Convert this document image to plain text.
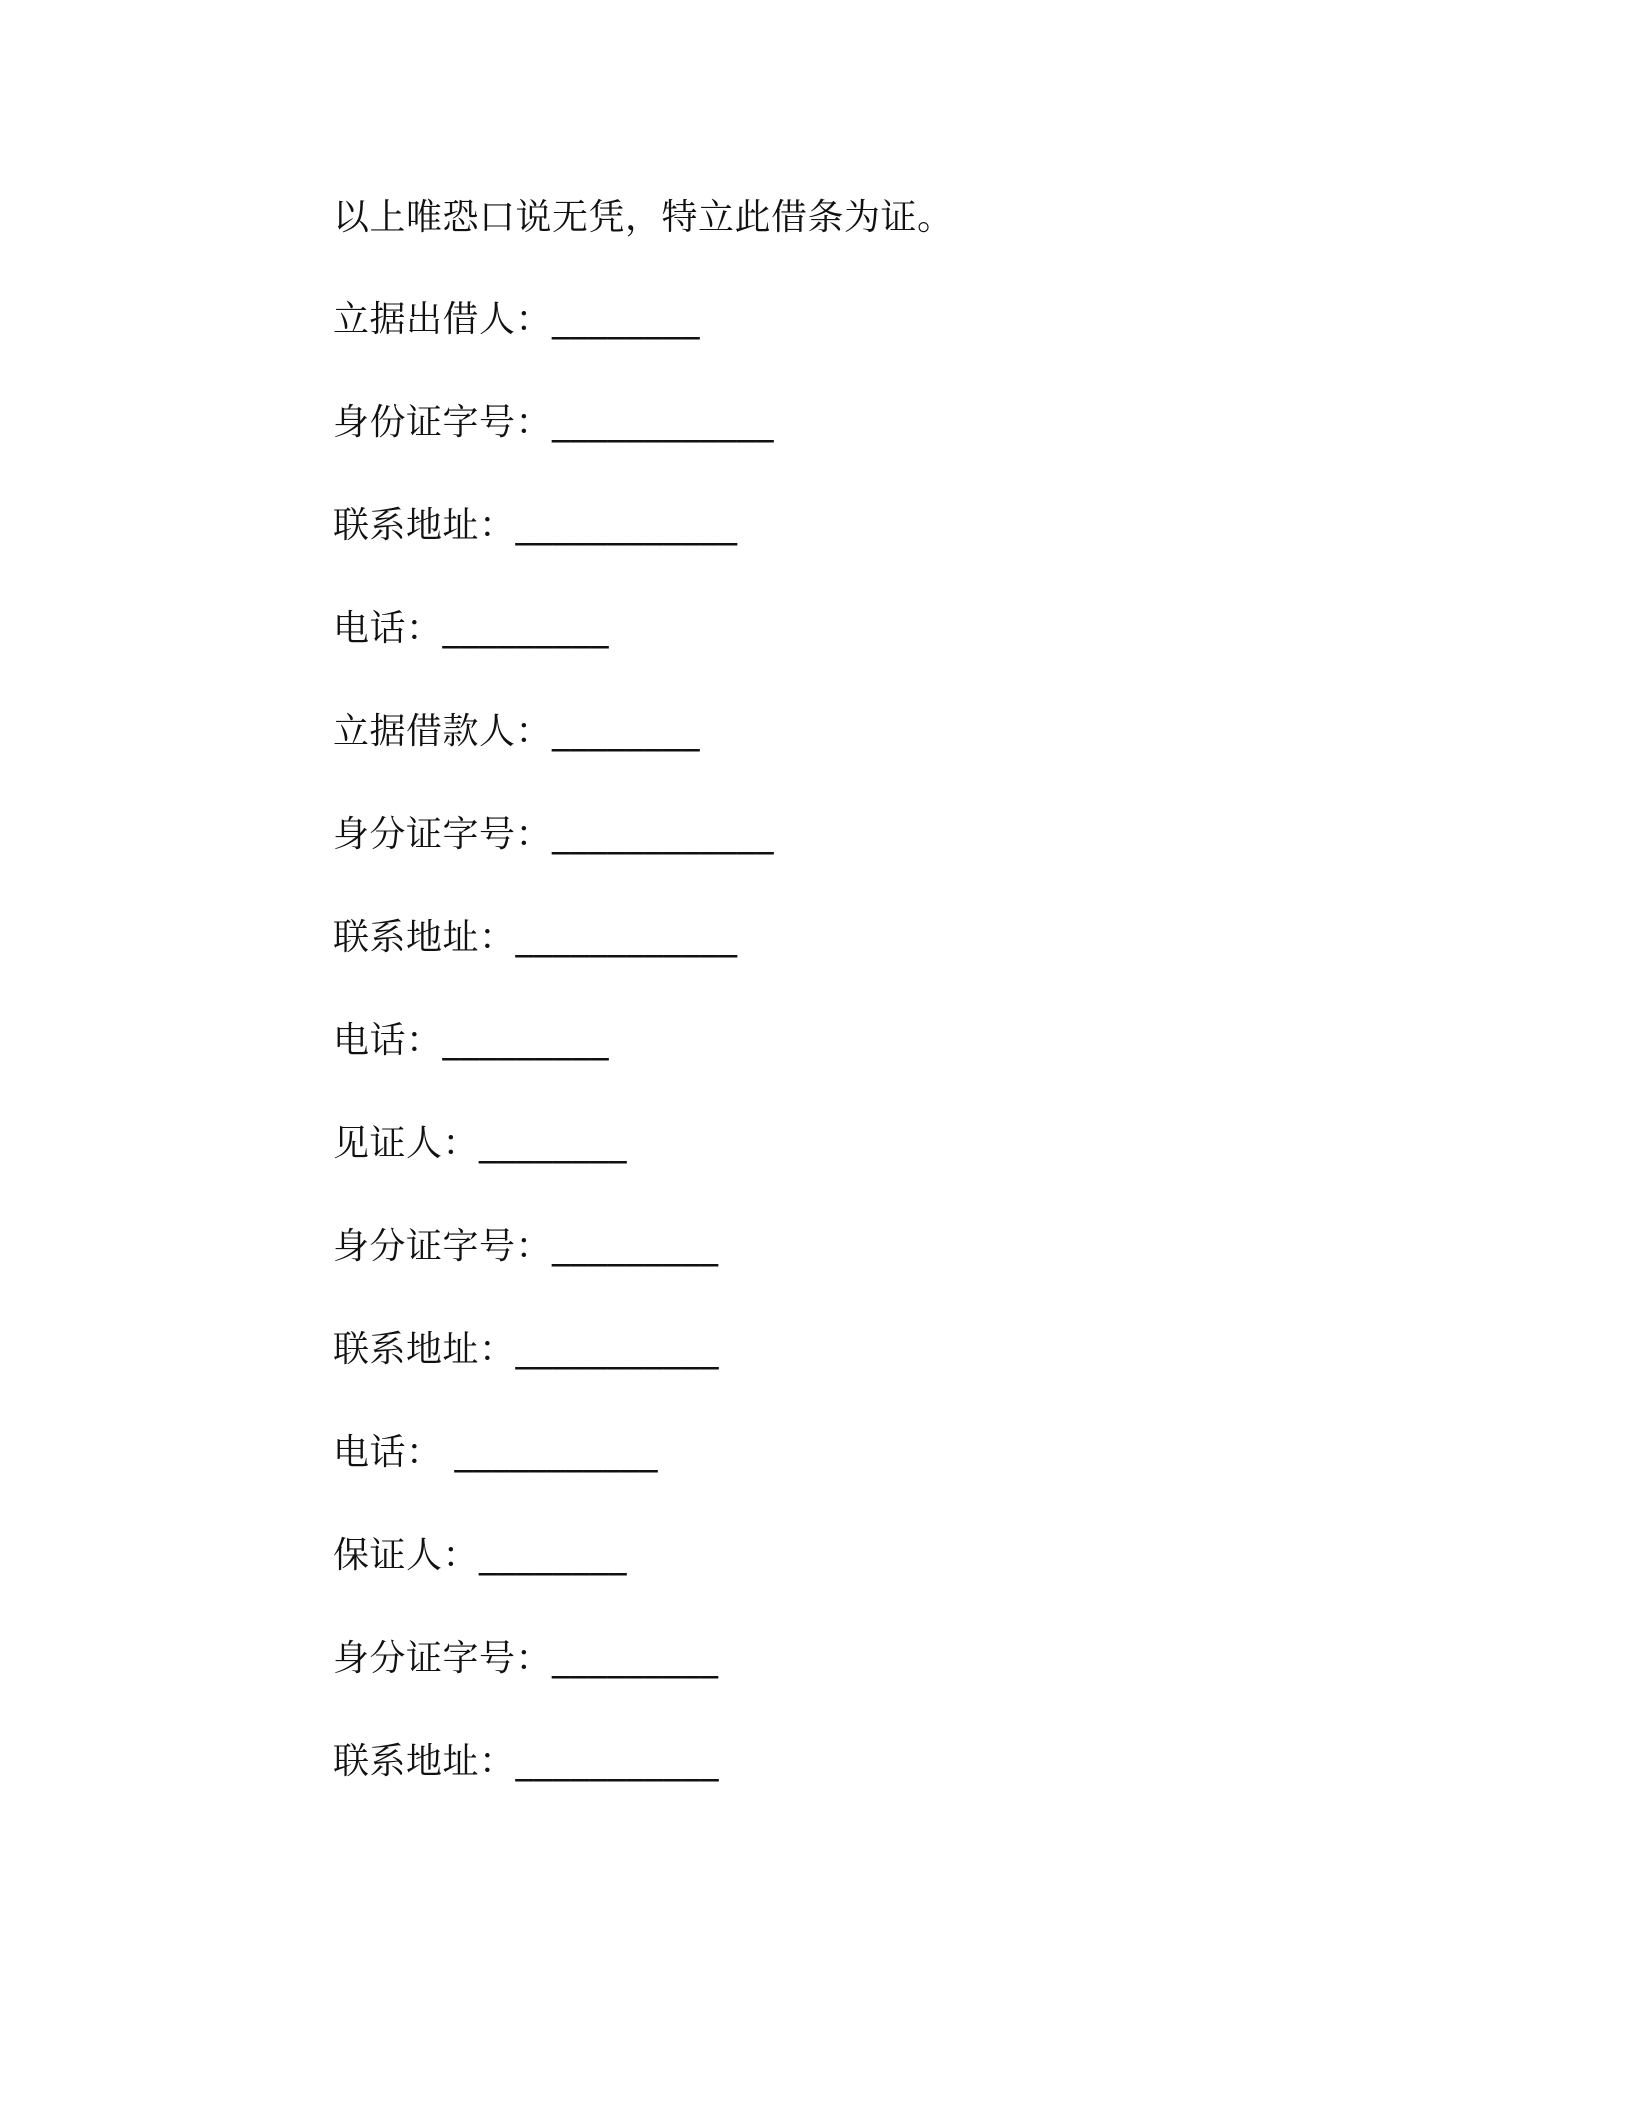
以上唯恐口说无凭，特立此借条为证。
立据出借人：________
身份证字号：____________
联系地址：____________
电话：_________
立据借款人：________
身分证字号：____________
联系地址：____________
电话：_________
见证人：________
身分证字号：_________
联系地址：___________
电话： ___________
保证人：________
身分证字号：_________
联系地址：___________
